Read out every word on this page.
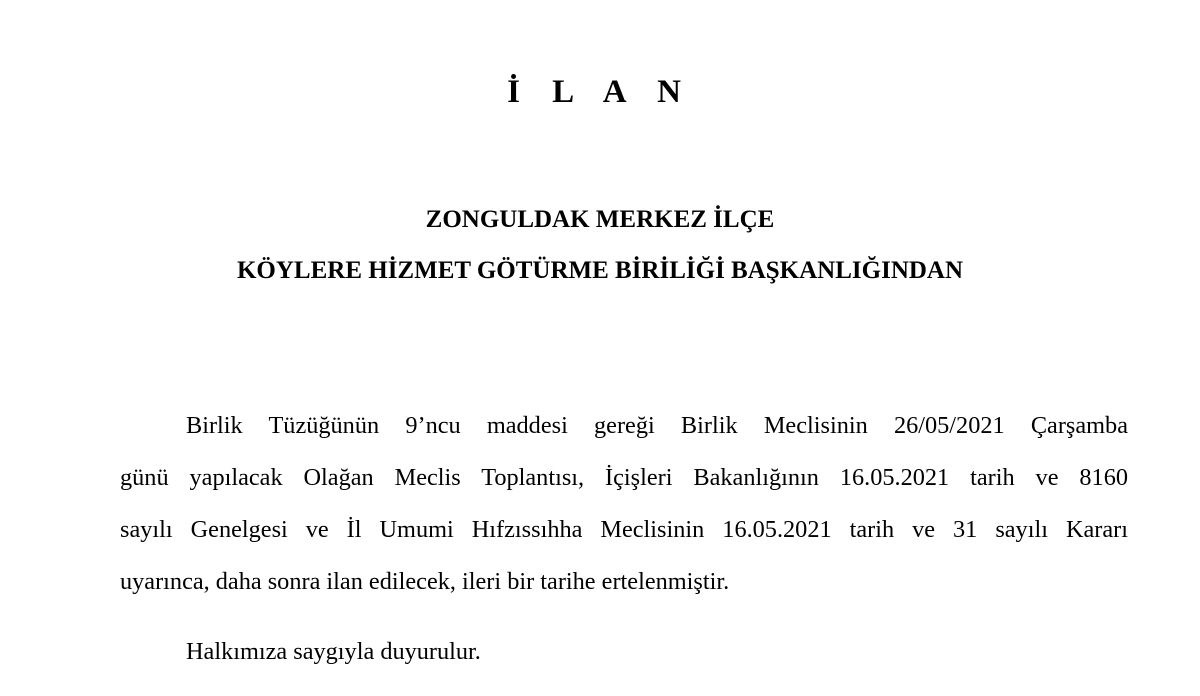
İ L A N
ZONGULDAK MERKEZ İLÇE
KÖYLERE HİZMET GÖTÜRME BİRİLİĞİ BAŞKANLIĞINDAN
Birlik Tüzüğünün 9’ncu maddesi gereği Birlik Meclisinin 26/05/2021 Çarşamba
günü yapılacak Olağan Meclis Toplantısı, İçişleri Bakanlığının 16.05.2021 tarih ve 8160
sayılı Genelgesi ve İl Umumi Hıfzıssıhha Meclisinin 16.05.2021 tarih ve 31 sayılı Kararı
uyarınca, daha sonra ilan edilecek, ileri bir tarihe ertelenmiştir.
Halkımıza saygıyla duyurulur.
